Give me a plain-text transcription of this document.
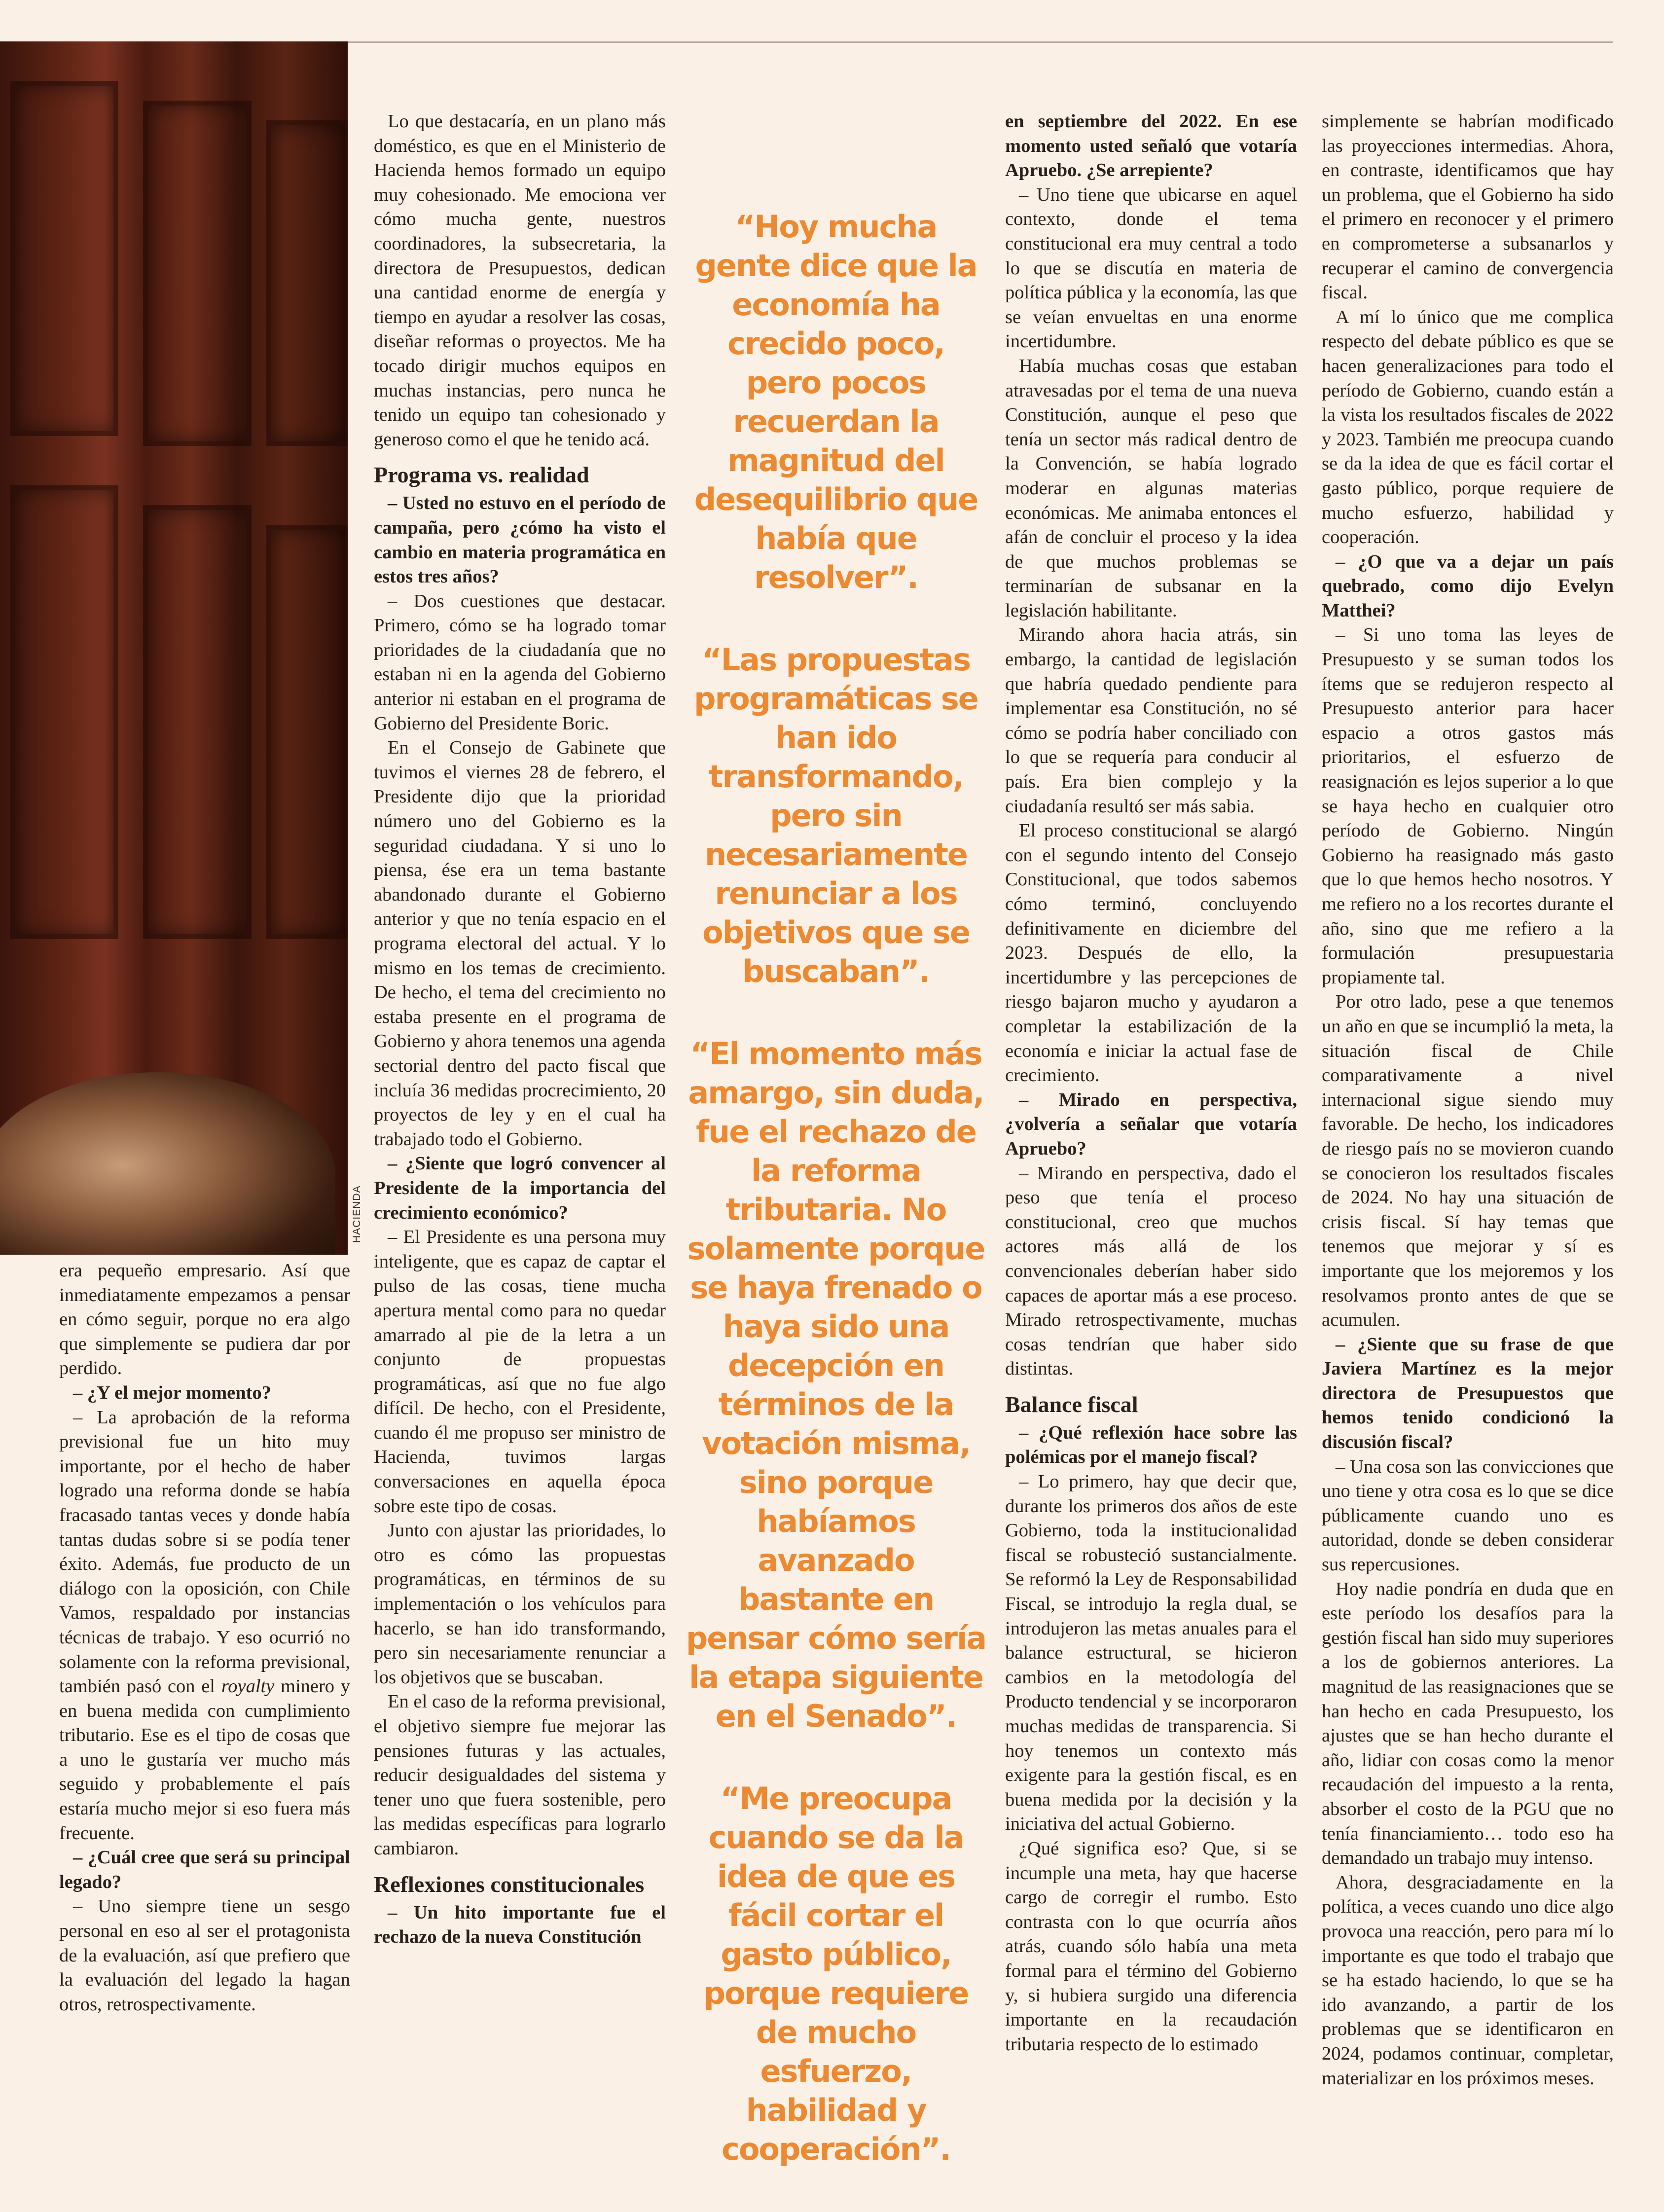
HACIENDA

era pequeño empresario. Así que inmediatamente empezamos a pensar en cómo seguir, porque no era algo que simplemente se pudiera dar por perdido.

– ¿Y el mejor momento?

– La aprobación de la reforma previsional fue un hito muy importante, por el hecho de haber logrado una reforma donde se había fracasado tantas veces y donde había tantas dudas sobre si se podía tener éxito. Además, fue producto de un diálogo con la oposición, con Chile Vamos, respaldado por instancias técnicas de trabajo. Y eso ocurrió no solamente con la reforma previsional, también pasó con el royalty minero y en buena medida con cumplimiento tributario. Ese es el tipo de cosas que a uno le gustaría ver mucho más seguido y probablemente el país estaría mucho mejor si eso fuera más frecuente.

– ¿Cuál cree que será su principal legado?

– Uno siempre tiene un sesgo personal en eso al ser el protagonista de la evaluación, así que prefiero que la evaluación del legado la hagan otros, retrospectivamente.

Lo que destacaría, en un plano más doméstico, es que en el Ministerio de Hacienda hemos formado un equipo muy cohesionado. Me emociona ver cómo mucha gente, nuestros coordinadores, la subsecretaria, la directora de Presupuestos, dedican una cantidad enorme de energía y tiempo en ayudar a resolver las cosas, diseñar reformas o proyectos. Me ha tocado dirigir muchos equipos en muchas instancias, pero nunca he tenido un equipo tan cohesionado y generoso como el que he tenido acá.

Programa vs. realidad

– Usted no estuvo en el período de campaña, pero ¿cómo ha visto el cambio en materia programática en estos tres años?

– Dos cuestiones que destacar. Primero, cómo se ha logrado tomar prioridades de la ciudadanía que no estaban ni en la agenda del Gobierno anterior ni estaban en el programa de Gobierno del Presidente Boric.

En el Consejo de Gabinete que tuvimos el viernes 28 de febrero, el Presidente dijo que la prioridad número uno del Gobierno es la seguridad ciudadana. Y si uno lo piensa, ése era un tema bastante abandonado durante el Gobierno anterior y que no tenía espacio en el programa electoral del actual. Y lo mismo en los temas de crecimiento. De hecho, el tema del crecimiento no estaba presente en el programa de Gobierno y ahora tenemos una agenda sectorial dentro del pacto fiscal que incluía 36 medidas procrecimiento, 20 proyectos de ley y en el cual ha trabajado todo el Gobierno.

– ¿Siente que logró convencer al Presidente de la importancia del crecimiento económico?

– El Presidente es una persona muy inteligente, que es capaz de captar el pulso de las cosas, tiene mucha apertura mental como para no quedar amarrado al pie de la letra a un conjunto de propuestas programáticas, así que no fue algo difícil. De hecho, con el Presidente, cuando él me propuso ser ministro de Hacienda, tuvimos largas conversaciones en aquella época sobre este tipo de cosas.

Junto con ajustar las prioridades, lo otro es cómo las propuestas programáticas, en términos de su implementación o los vehículos para hacerlo, se han ido transformando, pero sin necesariamente renunciar a los objetivos que se buscaban.

En el caso de la reforma previsional, el objetivo siempre fue mejorar las pensiones futuras y las actuales, reducir desigualdades del sistema y tener uno que fuera sostenible, pero las medidas específicas para lograrlo cambiaron.

Reflexiones constitucionales

– Un hito importante fue el rechazo de la nueva Constitución

“Hoy mucha gente dice que la economía ha crecido poco, pero pocos recuerdan la magnitud del desequilibrio que había que resolver”.

“Las propuestas programáticas se han ido transformando, pero sin necesariamente renunciar a los objetivos que se buscaban”.

“El momento más amargo, sin duda, fue el rechazo de la reforma tributaria. No solamente porque se haya frenado o haya sido una decepción en términos de la votación misma, sino porque habíamos avanzado bastante en pensar cómo sería la etapa siguiente en el Senado”.

“Me preocupa cuando se da la idea de que es fácil cortar el gasto público, porque requiere de mucho esfuerzo, habilidad y cooperación”.

en septiembre del 2022. En ese momento usted señaló que votaría Apruebo. ¿Se arrepiente?

– Uno tiene que ubicarse en aquel contexto, donde el tema constitucional era muy central a todo lo que se discutía en materia de política pública y la economía, las que se veían envueltas en una enorme incertidumbre.

Había muchas cosas que estaban atravesadas por el tema de una nueva Constitución, aunque el peso que tenía un sector más radical dentro de la Convención, se había logrado moderar en algunas materias económicas. Me animaba entonces el afán de concluir el proceso y la idea de que muchos problemas se terminarían de subsanar en la legislación habilitante.

Mirando ahora hacia atrás, sin embargo, la cantidad de legislación que habría quedado pendiente para implementar esa Constitución, no sé cómo se podría haber conciliado con lo que se requería para conducir al país. Era bien complejo y la ciudadanía resultó ser más sabia.

El proceso constitucional se alargó con el segundo intento del Consejo Constitucional, que todos sabemos cómo terminó, concluyendo definitivamente en diciembre del 2023. Después de ello, la incertidumbre y las percepciones de riesgo bajaron mucho y ayudaron a completar la estabilización de la economía e iniciar la actual fase de crecimiento.

– Mirado en perspectiva, ¿volvería a señalar que votaría Apruebo?

– Mirando en perspectiva, dado el peso que tenía el proceso constitucional, creo que muchos actores más allá de los convencionales deberían haber sido capaces de aportar más a ese proceso. Mirado retrospectivamente, muchas cosas tendrían que haber sido distintas.

Balance fiscal

– ¿Qué reflexión hace sobre las polémicas por el manejo fiscal?

– Lo primero, hay que decir que, durante los primeros dos años de este Gobierno, toda la institucionalidad fiscal se robusteció sustancialmente. Se reformó la Ley de Responsabilidad Fiscal, se introdujo la regla dual, se introdujeron las metas anuales para el balance estructural, se hicieron cambios en la metodología del Producto tendencial y se incorporaron muchas medidas de transparencia. Si hoy tenemos un contexto más exigente para la gestión fiscal, es en buena medida por la decisión y la iniciativa del actual Gobierno.

¿Qué significa eso? Que, si se incumple una meta, hay que hacerse cargo de corregir el rumbo. Esto contrasta con lo que ocurría años atrás, cuando sólo había una meta formal para el término del Gobierno y, si hubiera surgido una diferencia importante en la recaudación tributaria respecto de lo estimado

simplemente se habrían modificado las proyecciones intermedias. Ahora, en contraste, identificamos que hay un problema, que el Gobierno ha sido el primero en reconocer y el primero en comprometerse a subsanarlos y recuperar el camino de convergencia fiscal.

A mí lo único que me complica respecto del debate público es que se hacen generalizaciones para todo el período de Gobierno, cuando están a la vista los resultados fiscales de 2022 y 2023. También me preocupa cuando se da la idea de que es fácil cortar el gasto público, porque requiere de mucho esfuerzo, habilidad y cooperación.

– ¿O que va a dejar un país quebrado, como dijo Evelyn Matthei?

– Si uno toma las leyes de Presupuesto y se suman todos los ítems que se redujeron respecto al Presupuesto anterior para hacer espacio a otros gastos más prioritarios, el esfuerzo de reasignación es lejos superior a lo que se haya hecho en cualquier otro período de Gobierno. Ningún Gobierno ha reasignado más gasto que lo que hemos hecho nosotros. Y me refiero no a los recortes durante el año, sino que me refiero a la formulación presupuestaria propiamente tal.

Por otro lado, pese a que tenemos un año en que se incumplió la meta, la situación fiscal de Chile comparativamente a nivel internacional sigue siendo muy favorable. De hecho, los indicadores de riesgo país no se movieron cuando se conocieron los resultados fiscales de 2024. No hay una situación de crisis fiscal. Sí hay temas que tenemos que mejorar y sí es importante que los mejoremos y los resolvamos pronto antes de que se acumulen.

– ¿Siente que su frase de que Javiera Martínez es la mejor directora de Presupuestos que hemos tenido condicionó la discusión fiscal?

– Una cosa son las convicciones que uno tiene y otra cosa es lo que se dice públicamente cuando uno es autoridad, donde se deben considerar sus repercusiones.

Hoy nadie pondría en duda que en este período los desafíos para la gestión fiscal han sido muy superiores a los de gobiernos anteriores. La magnitud de las reasignaciones que se han hecho en cada Presupuesto, los ajustes que se han hecho durante el año, lidiar con cosas como la menor recaudación del impuesto a la renta, absorber el costo de la PGU que no tenía financiamiento… todo eso ha demandado un trabajo muy intenso.

Ahora, desgraciadamente en la política, a veces cuando uno dice algo provoca una reacción, pero para mí lo importante es que todo el trabajo que se ha estado haciendo, lo que se ha ido avanzando, a partir de los problemas que se identificaron en 2024, podamos continuar, completar, materializar en los próximos meses.
